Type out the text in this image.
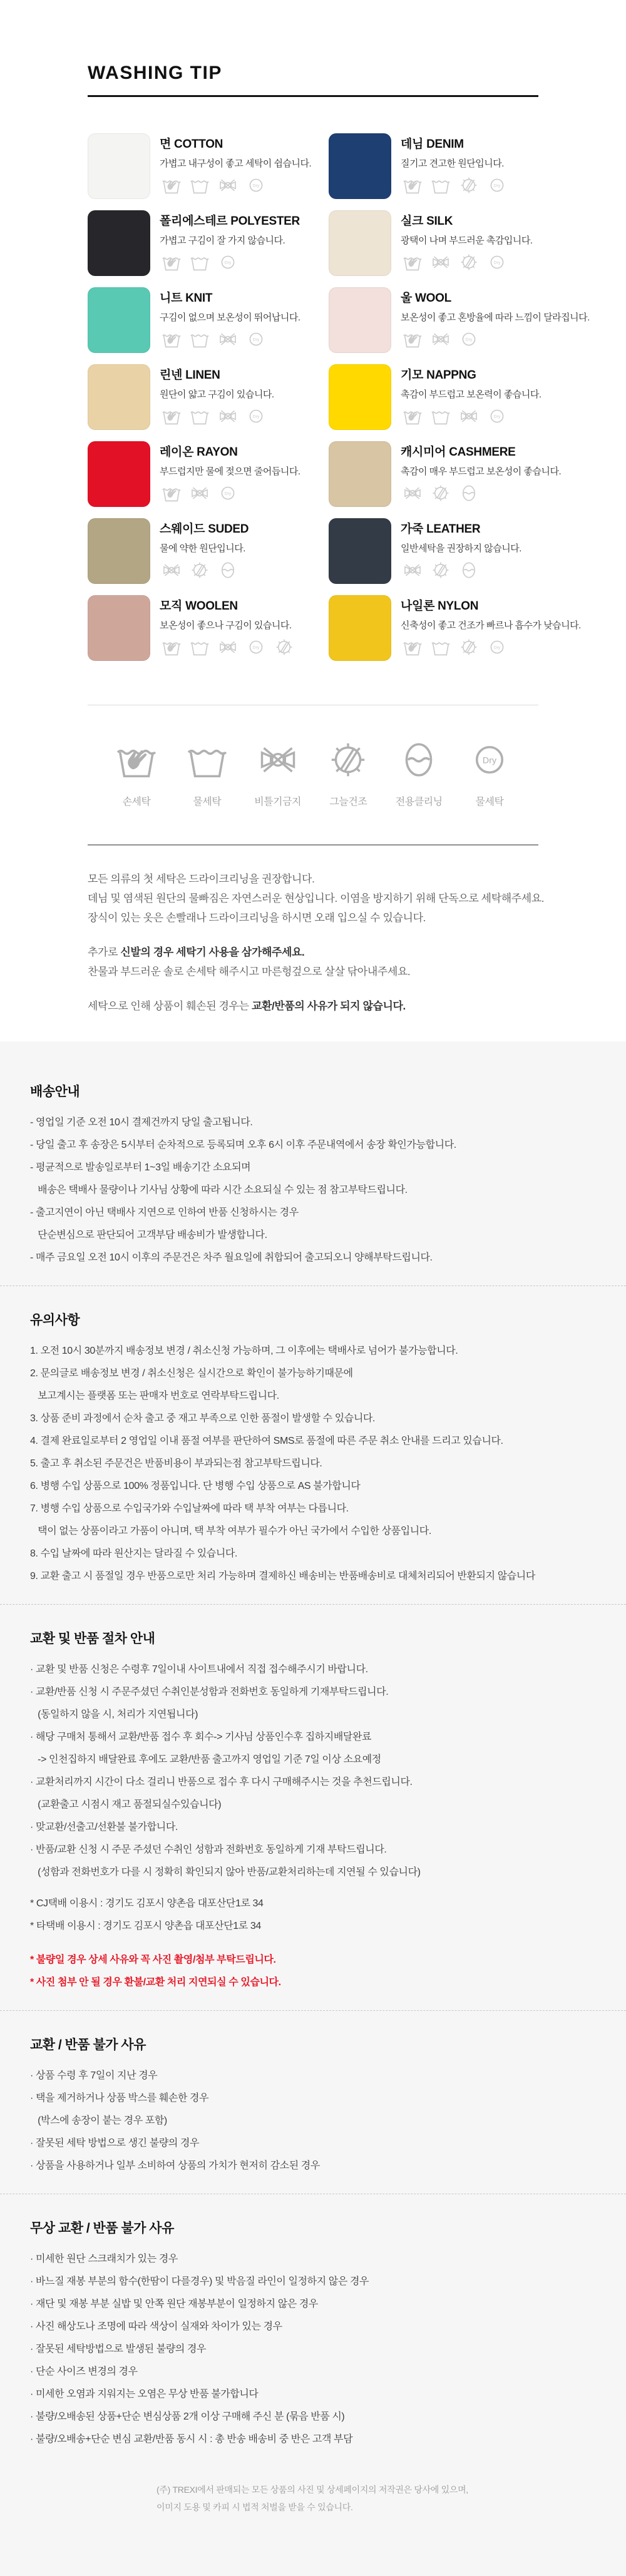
WASHING TIP
면 COTTON
가볍고 내구성이 좋고 세탁이 쉽습니다.
데님 DENIM
질기고 견고한 원단입니다.
폴리에스테르 POLYESTER
가볍고 구김이 잘 가지 않습니다.
실크 SILK
광택이 나며 부드러운 촉감입니다.
니트 KNIT
구김이 없으며 보온성이 뛰어납니다.
울 WOOL
보온성이 좋고 혼방율에 따라 느낌이 달라집니다.
린넨 LINEN
원단이 얇고 구김이 있습니다.
기모 NAPPNG
촉감이 부드럽고 보온력이 좋습니다.
레이온 RAYON
부드럽지만 물에 젖으면 줄어듭니다.
캐시미어 CASHMERE
촉감이 매우 부드럽고 보온성이 좋습니다.
스웨이드 SUDED
물에 약한 원단입니다.
가죽 LEATHER
일반세탁을 권장하지 않습니다.
모직 WOOLEN
보온성이 좋으나 구김이 있습니다.
나일론 NYLON
신축성이 좋고 건조가 빠르나 흡수가 낮습니다.
손세탁	물세탁	비틀기금지	그늘건조	전용클리닝	물세탁
모든 의류의 첫 세탁은 드라이크리닝을 권장합니다.
데님 및 염색된 원단의 물빠짐은 자연스러운 현상입니다. 이염을 방지하기 위해 단독으로 세탁해주세요.
장식이 있는 옷은 손빨래나 드라이크리닝을 하시면 오래 입으실 수 있습니다.
추가로 신발의 경우 세탁기 사용을 삼가해주세요.
찬물과 부드러운 솔로 손세탁 해주시고 마른헝겊으로 살살 닦아내주세요.
세탁으로 인해 상품이 훼손된 경우는 교환/반품의 사유가 되지 않습니다.
배송안내
- 영업일 기준 오전 10시 결제건까지 당일 출고됩니다.
- 당일 출고 후 송장은 5시부터 순차적으로 등록되며 오후 6시 이후 주문내역에서 송장 확인가능합니다.
- 평균적으로 발송일로부터 1~3일 배송기간 소요되며
배송은 택배사 물량이나 기사님 상황에 따라 시간 소요되실 수 있는 점 참고부탁드립니다.
- 출고지연이 아닌 택배사 지연으로 인하여 반품 신청하시는 경우
단순변심으로 판단되어 고객부담 배송비가 발생합니다.
- 매주 금요일 오전 10시 이후의 주문건은 차주 월요일에 취합되어 출고되오니 양해부탁드립니다.
유의사항
1. 오전 10시 30분까지 배송정보 변경 / 취소신청 가능하며, 그 이후에는 택배사로 넘어가 불가능합니다.
2. 문의글로 배송정보 변경 / 취소신청은 실시간으로 확인이 불가능하기때문에
보고계시는 플랫폼 또는 판매자 번호로 연락부탁드립니다.
3. 상품 준비 과정에서 순차 출고 중 재고 부족으로 인한 품절이 발생할 수 있습니다.
4. 결제 완료일로부터 2 영업일 이내 품절 여부를 판단하여 SMS로 품절에 따른 주문 취소 안내를 드리고 있습니다.
5. 출고 후 취소된 주문건은 반품비용이 부과되는점 참고부탁드립니다.
6. 병행 수입 상품으로 100% 정품입니다. 단 병행 수입 상품으로 AS 불가합니다
7. 병행 수입 상품으로 수입국가와 수입날짜에 따라 택 부착 여부는 다릅니다.
택이 없는 상품이라고 가품이 아니며, 택 부착 여부가 필수가 아닌 국가에서 수입한 상품입니다.
8. 수입 날짜에 따라 원산지는 달라질 수 있습니다.
9. 교환 출고 시 품절일 경우 반품으로만 처리 가능하며 결제하신 배송비는 반품배송비로 대체처리되어 반환되지 않습니다
교환 및 반품 절차 안내
· 교환 및 반품 신청은 수령후 7일이내 사이트내에서 직접 접수해주시기 바랍니다.
· 교환/반품 신청 시 주문주셨던 수취인분성함과 전화번호 동일하게 기재부탁드립니다.
(동일하지 않을 시, 처리가 지연됩니다)
· 해당 구매처 통해서 교환/반품 접수 후 회수-> 기사님 상품인수후 집하지배달완료
-> 인천집하지 배달완료 후에도 교환/반품 출고까지 영업일 기준 7일 이상 소요예정
· 교환처리까지 시간이 다소 걸리니 반품으로 접수 후 다시 구매해주시는 것을 추천드립니다.
(교환출고 시점시 재고 품절되실수있습니다)
· 맞교환/선출고/선환불 불가합니다.
· 반품/교환 신청 시 주문 주셨던 수취인 성함과 전화번호 동일하게 기재 부탁드립니다.
(성함과 전화번호가 다를 시 정확히 확인되지 않아 반품/교환처리하는데 지연될 수 있습니다)
* CJ택배 이용시 : 경기도 김포시 양촌읍 대포산단1로 34
* 타택배 이용시 : 경기도 김포시 양촌읍 대포산단1로 34
* 불량일 경우 상세 사유와 꼭 사진 촬영/첨부 부탁드립니다.
* 사진 첨부 안 될 경우 환불/교환 처리 지연되실 수 있습니다.
교환 / 반품 불가 사유
· 상품 수령 후 7일이 지난 경우
· 택을 제거하거나 상품 박스를 훼손한 경우
(박스에 송장이 붙는 경우 포함)
· 잘못된 세탁 방법으로 생긴 불량의 경우
· 상품을 사용하거나 일부 소비하여 상품의 가치가 현저히 감소된 경우
무상 교환 / 반품 불가 사유
· 미세한 원단 스크래치가 있는 경우
· 바느질 재봉 부분의 함수(한땀이 다를경우) 및 박음질 라인이 일정하지 않은 경우
· 재단 및 재봉 부분 실밥 및 안쪽 원단 재봉부분이 일정하지 않은 경우
· 사진 해상도나 조명에 따라 색상이 실재와 차이가 있는 경우
· 잘못된 세탁방법으로 발생된 불량의 경우
· 단순 사이즈 변경의 경우
· 미세한 오염과 지워지는 오염은 무상 반품 불가합니다
· 불량/오배송된 상품+단순 변심상품 2개 이상 구매해 주신 분 (묶음 반품 시)
· 불량/오배송+단순 변심 교환/반품 동시 시 : 총 반송 배송비 중 반은 고객 부담
(주) TREXI에서 판매되는 모든 상품의 사진 및 상세페이지의 저작권은 당사에 있으며,
이미지 도용 및 카피 시 법적 처벌을 받을 수 있습니다.
